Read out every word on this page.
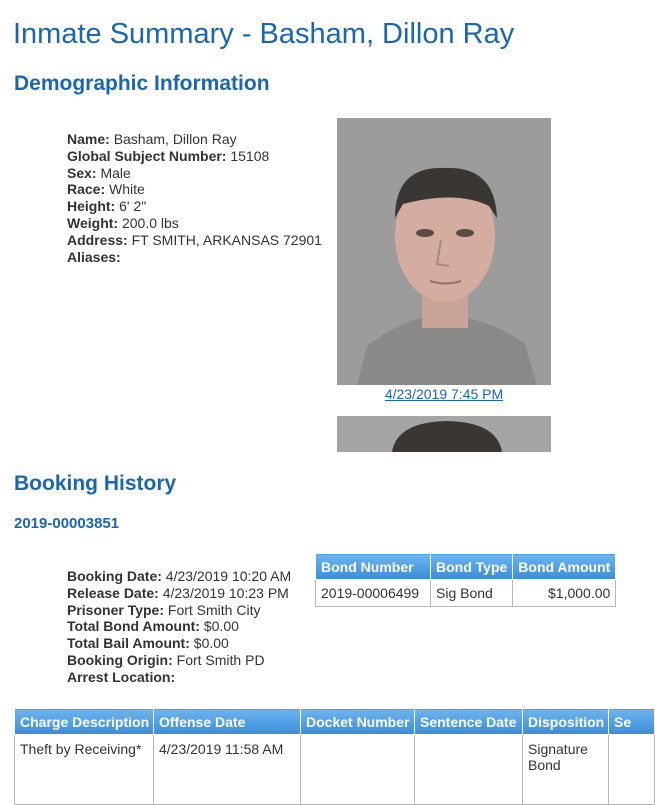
Inmate Summary - Basham, Dillon Ray
Demographic Information
Name: Basham, Dillon Ray
Global Subject Number: 15108
Sex: Male
Race: White
Height: 6' 2"
Weight: 200.0 lbs
Address: FT SMITH, ARKANSAS 72901
Aliases:
4/23/2019 7:45 PM
Booking History
2019-00003851
Booking Date: 4/23/2019 10:20 AM
Release Date: 4/23/2019 10:23 PM
Prisoner Type: Fort Smith City
Total Bond Amount: $0.00
Total Bail Amount: $0.00
Booking Origin: Fort Smith PD
Arrest Location:
Bond Number	Bond Type	Bond Amount
2019-00006499	Sig Bond	$1,000.00
Charge Description	Offense Date	Docket Number	Sentence Date	Disposition	Se
Theft by Receiving*	4/23/2019 11:58 AM			Signature Bond	
